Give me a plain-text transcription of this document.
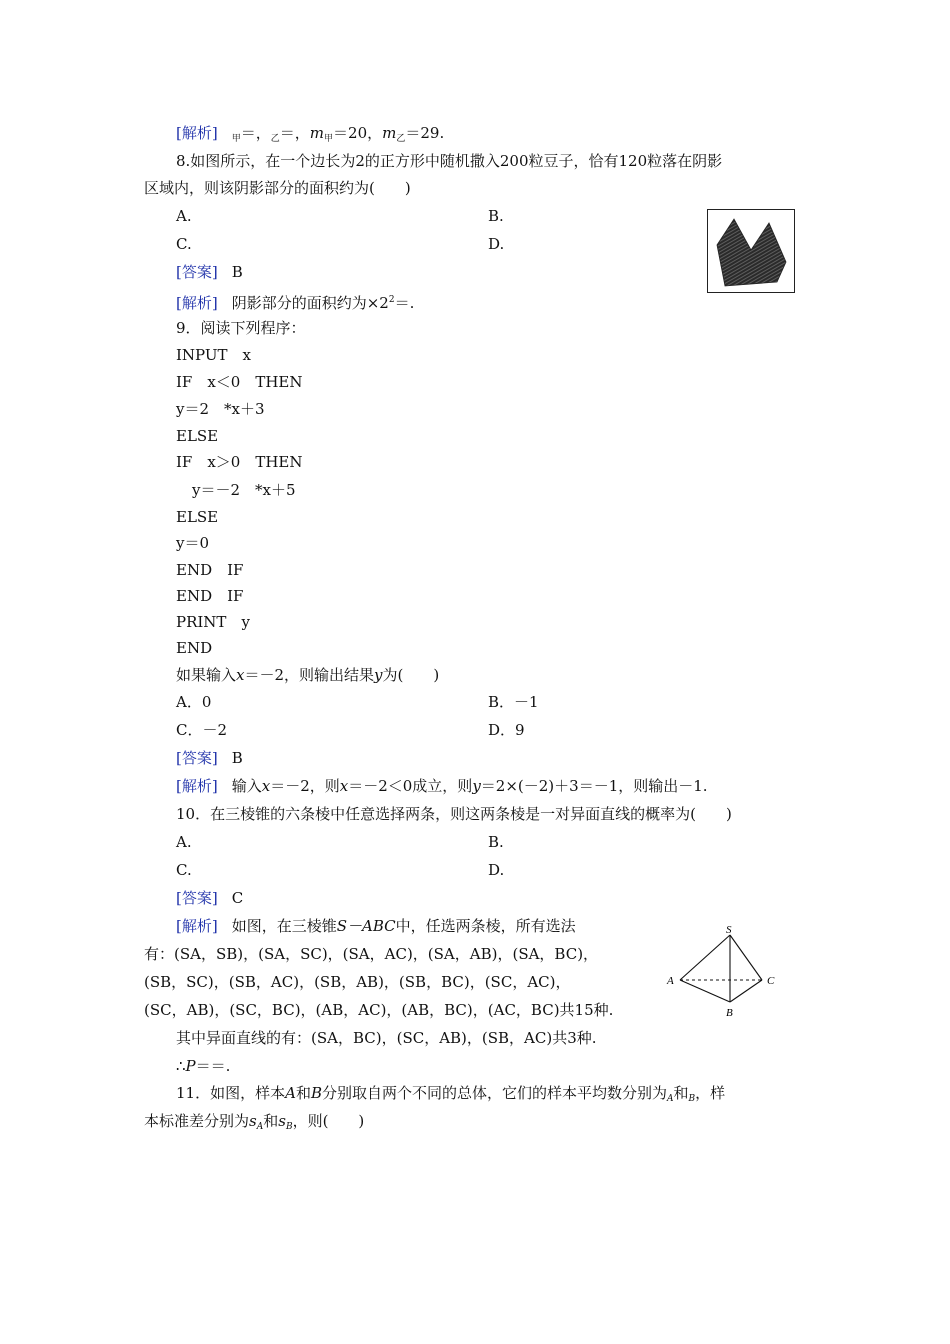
[解析] $_甲$＝，$_乙$＝，$m_甲=20$，$m_乙=29$.
8.如图所示，在一个边长为2的正方形中随机撒入200粒豆子，恰有120粒落在阴影
区域内，则该阴影部分的面积约为(　　)
A.	B.
C.	D.
[答案] B
[解析] 阴影部分的面积约为$\times 2^2=$.
9．阅读下列程序：
INPUT　x
IF　x＜0　THEN
y＝2　*x＋3
ELSE
IF　x＞0　THEN
y＝－2　*x＋5
ELSE
y＝0
END　IF
END　IF
PRINT　y
END
如果输入x＝－2，则输出结果y为(　　)
A．0	B．－1
C．－2	D．9
[答案] B
[解析] 输入x＝－2，则x＝－2＜0成立，则y＝2×(－2)＋3＝－1，则输出－1.
10．在三棱锥的六条棱中任意选择两条，则这两条棱是一对异面直线的概率为(　　)
A.	B.
C.	D.
[答案] C
[解析] 如图，在三棱锥S－ABC中，任选两条棱，所有选法
有：(SA，SB)，(SA，SC)，(SA，AC)，(SA，AB)，(SA，BC)，
(SB，SC)，(SB，AC)，(SB，AB)，(SB，BC)，(SC，AC)，
(SC，AB)，(SC，BC)，(AB，AC)，(AB，BC)，(AC，BC)共15种.
其中异面直线的有：(SA，BC)，(SC，AB)，(SB，AC)共3种.
∴P＝＝.
S
A
B
C
11．如图，样本A和B分别取自两个不同的总体，它们的样本平均数分别为$_A$和$_B$，样
本标准差分别为$s_A$和$s_B$，则(　　)
